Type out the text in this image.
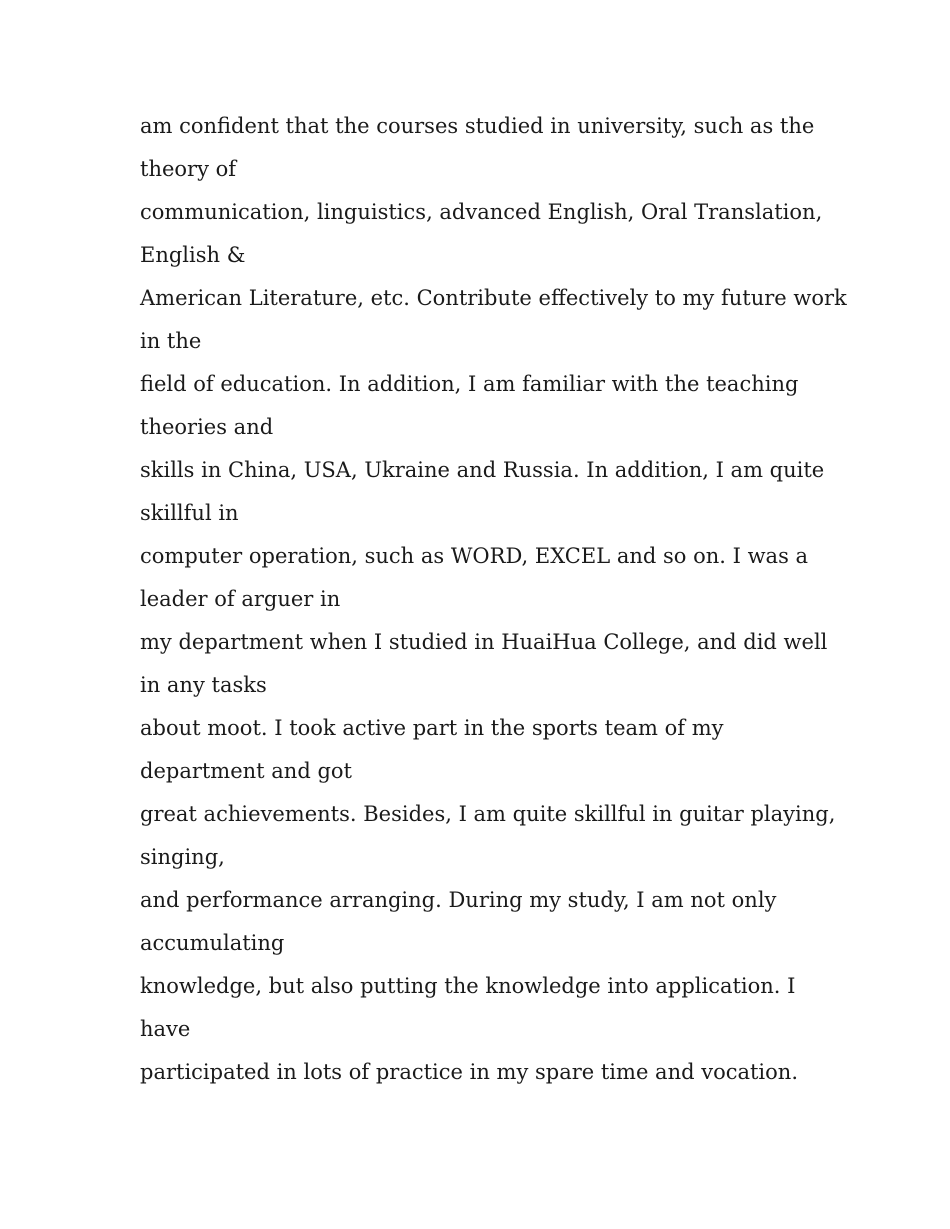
am confident that the courses studied in university, such as the
theory of
communication, linguistics, advanced English, Oral Translation,
English &
American Literature, etc. Contribute effectively to my future work
in the
field of education. In addition, I am familiar with the teaching
theories and
skills in China, USA, Ukraine and Russia. In addition, I am quite
skillful in
computer operation, such as WORD, EXCEL and so on. I was a
leader of arguer in
my department when I studied in HuaiHua College, and did well
in any tasks
about moot. I took active part in the sports team of my
department and got
great achievements. Besides, I am quite skillful in guitar playing,
singing,
and performance arranging. During my study, I am not only
accumulating
knowledge, but also putting the knowledge into application. I
have
participated in lots of practice in my spare time and vocation.
